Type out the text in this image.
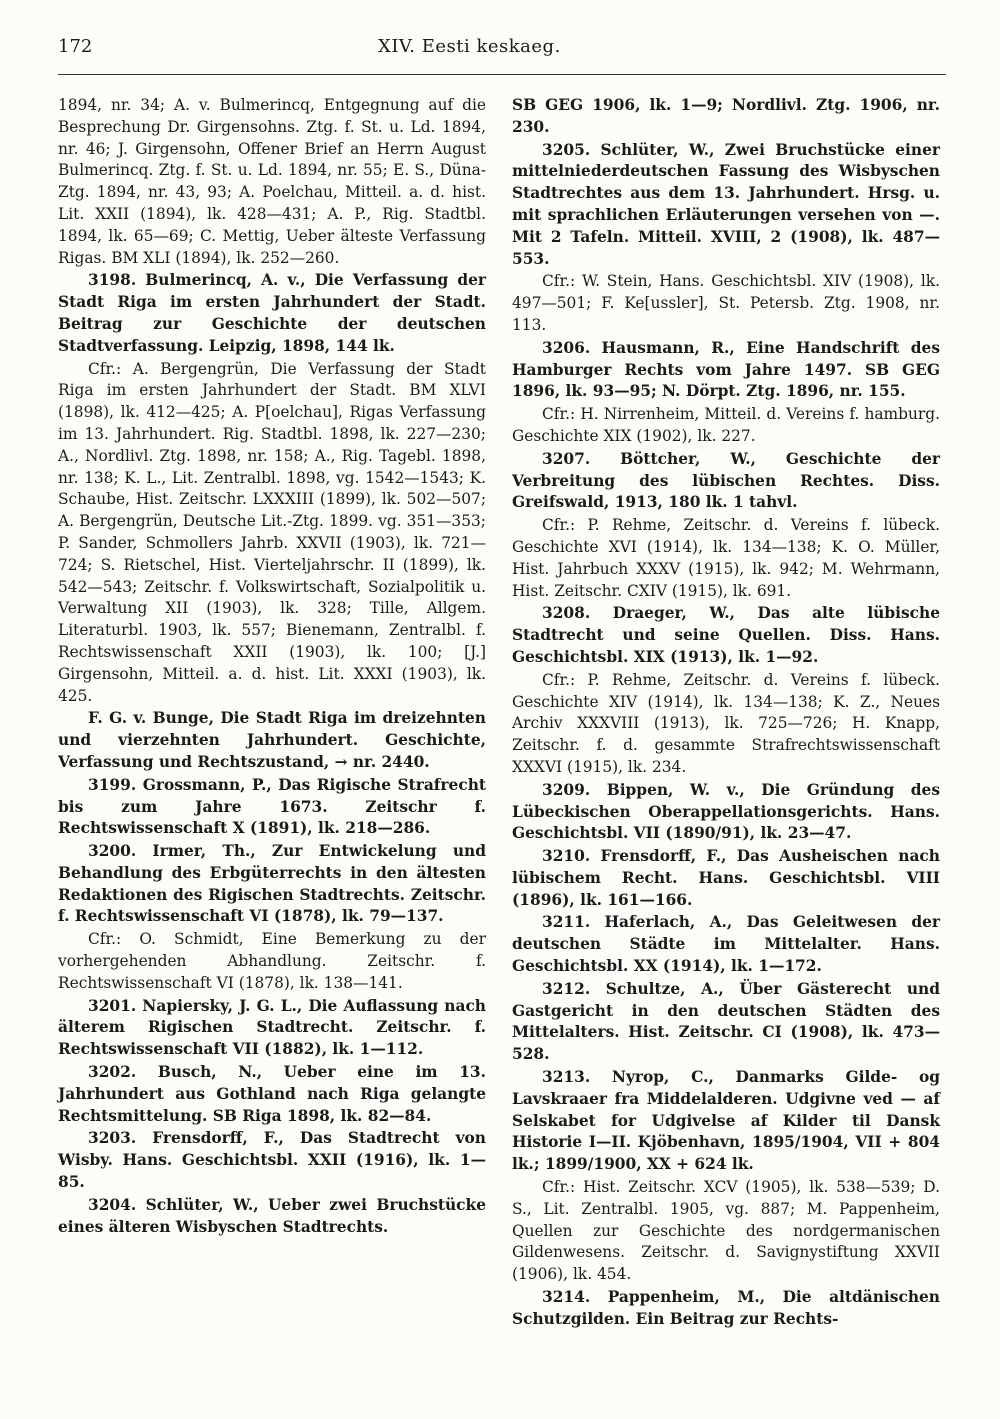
172	XIV. Eesti keskaeg.

1894, nr. 34; A. v. Bulmerincq, Entgegnung auf die Besprechung Dr. Girgensohns. Ztg. f. St. u. Ld. 1894, nr. 46; J. Girgensohn, Offener Brief an Herrn August Bulmerincq. Ztg. f. St. u. Ld. 1894, nr. 55; E. S., Düna-Ztg. 1894, nr. 43, 93; A. Poelchau, Mitteil. a. d. hist. Lit. XXII (1894), lk. 428—431; A. P., Rig. Stadtbl. 1894, lk. 65—69; C. Mettig, Ueber älteste Verfassung Rigas. BM XLI (1894), lk. 252—260.

3198. Bulmerincq, A. v., Die Verfassung der Stadt Riga im ersten Jahrhundert der Stadt. Beitrag zur Geschichte der deutschen Stadtverfassung. Leipzig, 1898, 144 lk.

Cfr.: A. Bergengrün, Die Verfassung der Stadt Riga im ersten Jahrhundert der Stadt. BM XLVI (1898), lk. 412—425; A. P[oelchau], Rigas Verfassung im 13. Jahrhundert. Rig. Stadtbl. 1898, lk. 227—230; A., Nordlivl. Ztg. 1898, nr. 158; A., Rig. Tagebl. 1898, nr. 138; K. L., Lit. Zentralbl. 1898, vg. 1542—1543; K. Schaube, Hist. Zeitschr. LXXXIII (1899), lk. 502—507; A. Bergengrün, Deutsche Lit.-Ztg. 1899. vg. 351—353; P. Sander, Schmollers Jahrb. XXVII (1903), lk. 721—724; S. Rietschel, Hist. Vierteljahrschr. II (1899), lk. 542—543; Zeitschr. f. Volkswirtschaft, Sozialpolitik u. Verwaltung XII (1903), lk. 328; Tille, Allgem. Literaturbl. 1903, lk. 557; Bienemann, Zentralbl. f. Rechtswissenschaft XXII (1903), lk. 100; [J.] Girgensohn, Mitteil. a. d. hist. Lit. XXXI (1903), lk. 425.

F. G. v. Bunge, Die Stadt Riga im dreizehnten und vierzehnten Jahrhundert. Geschichte, Verfassung und Rechtszustand, → nr. 2440.

3199. Grossmann, P., Das Rigische Strafrecht bis zum Jahre 1673. Zeitschr f. Rechtswissenschaft X (1891), lk. 218—286.

3200. Irmer, Th., Zur Entwickelung und Behandlung des Erbgüterrechts in den ältesten Redaktionen des Rigischen Stadtrechts. Zeitschr. f. Rechtswissenschaft VI (1878), lk. 79—137.

Cfr.: O. Schmidt, Eine Bemerkung zu der vorhergehenden Abhandlung. Zeitschr. f. Rechtswissenschaft VI (1878), lk. 138—141.

3201. Napiersky, J. G. L., Die Auflassung nach älterem Rigischen Stadtrecht. Zeitschr. f. Rechtswissenschaft VII (1882), lk. 1—112.

3202. Busch, N., Ueber eine im 13. Jahrhundert aus Gothland nach Riga gelangte Rechtsmittelung. SB Riga 1898, lk. 82—84.

3203. Frensdorff, F., Das Stadtrecht von Wisby. Hans. Geschichtsbl. XXII (1916), lk. 1—85.

3204. Schlüter, W., Ueber zwei Bruchstücke eines älteren Wisbyschen Stadtrechts.

SB GEG 1906, lk. 1—9; Nordlivl. Ztg. 1906, nr. 230.

3205. Schlüter, W., Zwei Bruchstücke einer mittelniederdeutschen Fassung des Wisbyschen Stadtrechtes aus dem 13. Jahrhundert. Hrsg. u. mit sprachlichen Erläuterungen versehen von —. Mit 2 Tafeln. Mitteil. XVIII, 2 (1908), lk. 487—553.

Cfr.: W. Stein, Hans. Geschichtsbl. XIV (1908), lk. 497—501; F. Ke[ussler], St. Petersb. Ztg. 1908, nr. 113.

3206. Hausmann, R., Eine Handschrift des Hamburger Rechts vom Jahre 1497. SB GEG 1896, lk. 93—95; N. Dörpt. Ztg. 1896, nr. 155.

Cfr.: H. Nirrenheim, Mitteil. d. Vereins f. hamburg. Geschichte XIX (1902), lk. 227.

3207. Böttcher, W., Geschichte der Verbreitung des lübischen Rechtes. Diss. Greifswald, 1913, 180 lk. 1 tahvl.

Cfr.: P. Rehme, Zeitschr. d. Vereins f. lübeck. Geschichte XVI (1914), lk. 134—138; K. O. Müller, Hist. Jahrbuch XXXV (1915), lk. 942; M. Wehrmann, Hist. Zeitschr. CXIV (1915), lk. 691.

3208. Draeger, W., Das alte lübische Stadtrecht und seine Quellen. Diss. Hans. Geschichtsbl. XIX (1913), lk. 1—92.

Cfr.: P. Rehme, Zeitschr. d. Vereins f. lübeck. Geschichte XIV (1914), lk. 134—138; K. Z., Neues Archiv XXXVIII (1913), lk. 725—726; H. Knapp, Zeitschr. f. d. gesammte Strafrechtswissenschaft XXXVI (1915), lk. 234.

3209. Bippen, W. v., Die Gründung des Lübeckischen Oberappellationsgerichts. Hans. Geschichtsbl. VII (1890/91), lk. 23—47.

3210. Frensdorff, F., Das Ausheischen nach lübischem Recht. Hans. Geschichtsbl. VIII (1896), lk. 161—166.

3211. Haferlach, A., Das Geleitwesen der deutschen Städte im Mittelalter. Hans. Geschichtsbl. XX (1914), lk. 1—172.

3212. Schultze, A., Über Gästerecht und Gastgericht in den deutschen Städten des Mittelalters. Hist. Zeitschr. CI (1908), lk. 473—528.

3213. Nyrop, C., Danmarks Gilde- og Lavskraaer fra Middelalderen. Udgivne ved — af Selskabet for Udgivelse af Kilder til Dansk Historie I—II. Kjöbenhavn, 1895/1904, VII + 804 lk.; 1899/1900, XX + 624 lk.

Cfr.: Hist. Zeitschr. XCV (1905), lk. 538—539; D. S., Lit. Zentralbl. 1905, vg. 887; M. Pappenheim, Quellen zur Geschichte des nordgermanischen Gildenwesens. Zeitschr. d. Savignystiftung XXVII (1906), lk. 454.

3214. Pappenheim, M., Die altdänischen Schutzgilden. Ein Beitrag zur Rechts-
